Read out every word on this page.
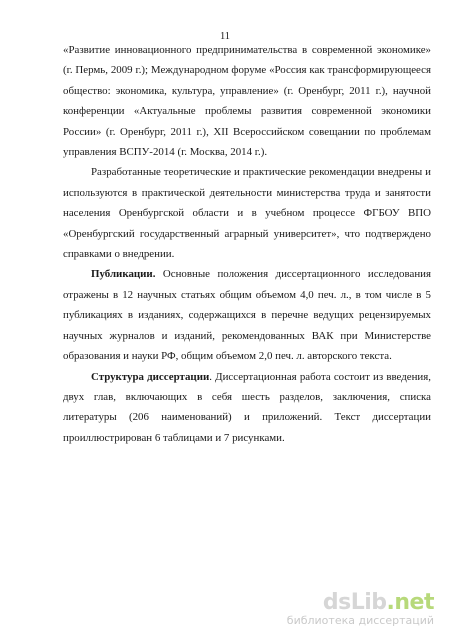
11

«Развитие инновационного предпринимательства в современной экономике» (г. Пермь, 2009 г.); Международном форуме «Россия как трансформирующееся общество: экономика, культура, управление» (г. Оренбург, 2011 г.), научной конференции «Актуальные проблемы развития современной экономики России» (г. Оренбург, 2011 г.), XII Всероссийском совещании по проблемам управления ВСПУ-2014 (г. Москва, 2014 г.).

Разработанные теоретические и практические рекомендации внедрены и используются в практической деятельности министерства труда и занятости населения Оренбургской области и в учебном процессе ФГБОУ ВПО «Оренбургский государственный аграрный университет», что подтверждено справками о внедрении.

Публикации. Основные положения диссертационного исследования отражены в 12 научных статьях общим объемом 4,0 печ. л., в том числе в 5 публикациях в изданиях, содержащихся в перечне ведущих рецензируемых научных журналов и изданий, рекомендованных ВАК при Министерстве образования и науки РФ, общим объемом 2,0 печ. л. авторского текста.

Структура диссертации. Диссертационная работа состоит из введения, двух глав, включающих в себя шесть разделов, заключения, списка литературы (206 наименований) и приложений. Текст диссертации проиллюстрирован 6 таблицами и 7 рисунками.

dsLib.net
библиотека диссертаций
